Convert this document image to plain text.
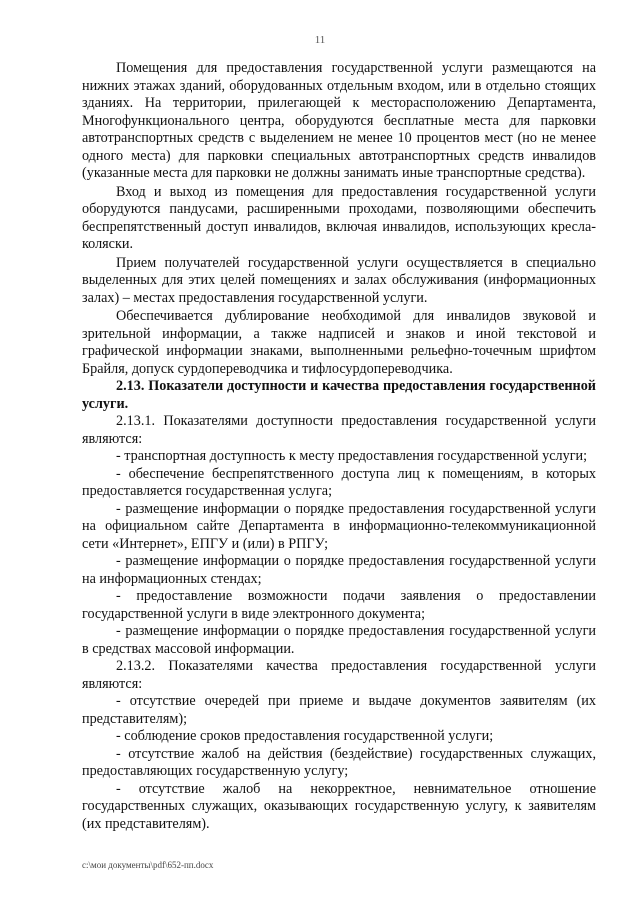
11

Помещения для предоставления государственной услуги размещаются на нижних этажах зданий, оборудованных отдельным входом, или в отдельно стоящих зданиях. На территории, прилегающей к месторасположению Департамента, Многофункционального центра, оборудуются бесплатные места для парковки автотранспортных средств с выделением не менее 10 процентов мест (но не менее одного места) для парковки специальных автотранспортных средств инвалидов (указанные места для парковки не должны занимать иные транспортные средства).

Вход и выход из помещения для предоставления государственной услуги оборудуются пандусами, расширенными проходами, позволяющими обеспечить беспрепятственный доступ инвалидов, включая инвалидов, использующих кресла-коляски.

Прием получателей государственной услуги осуществляется в специально выделенных для этих целей помещениях и залах обслуживания (информационных залах) – местах предоставления государственной услуги.

Обеспечивается дублирование необходимой для инвалидов звуковой и зрительной информации, а также надписей и знаков и иной текстовой и графической информации знаками, выполненными рельефно-точечным шрифтом Брайля, допуск сурдопереводчика и тифлосурдопереводчика.

2.13. Показатели доступности и качества предоставления государственной услуги.

2.13.1. Показателями доступности предоставления государственной услуги являются:

- транспортная доступность к месту предоставления государственной услуги;

- обеспечение беспрепятственного доступа лиц к помещениям, в которых предоставляется государственная услуга;

- размещение информации о порядке предоставления государственной услуги на официальном сайте Департамента в информационно-телекоммуникационной сети «Интернет», ЕПГУ и (или) в РПГУ;

- размещение информации о порядке предоставления государственной услуги на информационных стендах;

- предоставление возможности подачи заявления о предоставлении государственной услуги в виде электронного документа;

- размещение информации о порядке предоставления государственной услуги в средствах массовой информации.

2.13.2. Показателями качества предоставления государственной услуги являются:

- отсутствие очередей при приеме и выдаче документов заявителям (их представителям);

- соблюдение сроков предоставления государственной услуги;

- отсутствие жалоб на действия (бездействие) государственных служащих, предоставляющих государственную услугу;

- отсутствие жалоб на некорректное, невнимательное отношение государственных служащих, оказывающих государственную услугу, к заявителям (их представителям).

c:\мои документы\pdf\652-пп.docx
